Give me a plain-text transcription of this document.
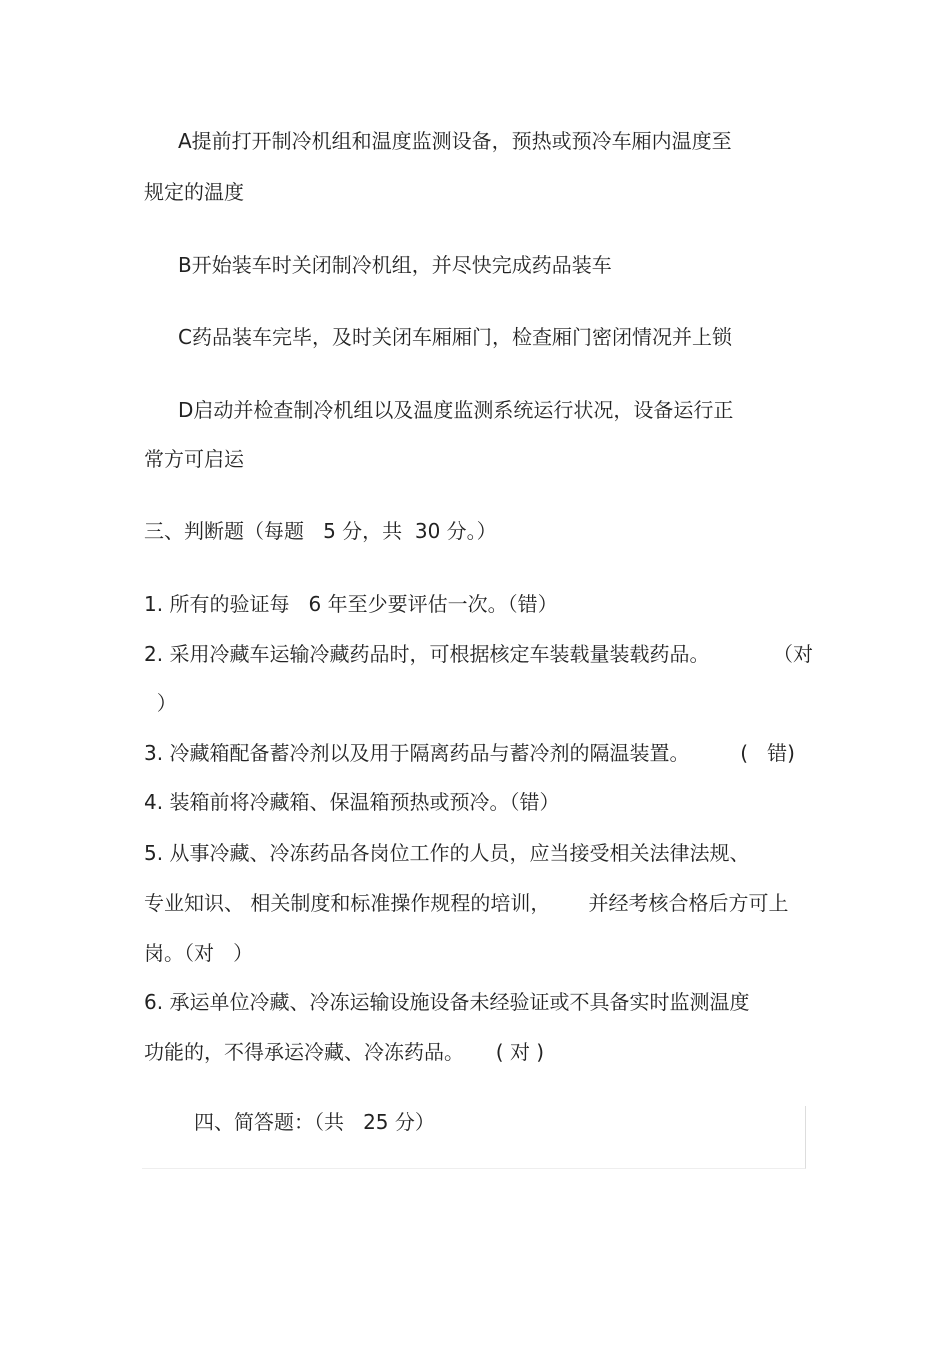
A提前打开制冷机组和温度监测设备，预热或预冷车厢内温度至

规定的温度

B开始装车时关闭制冷机组，并尽快完成药品装车

C药品装车完毕，及时关闭车厢厢门，检查厢门密闭情况并上锁

D启动并检查制冷机组以及温度监测系统运行状况，设备运行正

常方可启运

三、判断题（每题   5 分，共  30 分。）

1. 所有的验证每   6 年至少要评估一次。（错）

2. 采用冷藏车运输冷藏药品时，可根据核定车装载量装载药品。          （对

）

3. 冷藏箱配备蓄冷剂以及用于隔离药品与蓄冷剂的隔温装置。        (   错)

4. 装箱前将冷藏箱、保温箱预热或预冷。（错）

5. 从事冷藏、冷冻药品各岗位工作的人员，应当接受相关法律法规、

专业知识、 相关制度和标准操作规程的培训，      并经考核合格后方可上

岗。（对   ）

6. 承运单位冷藏、冷冻运输设施设备未经验证或不具备实时监测温度

功能的，不得承运冷藏、冷冻药品。     ( 对 )

四、简答题：（共   25 分）
